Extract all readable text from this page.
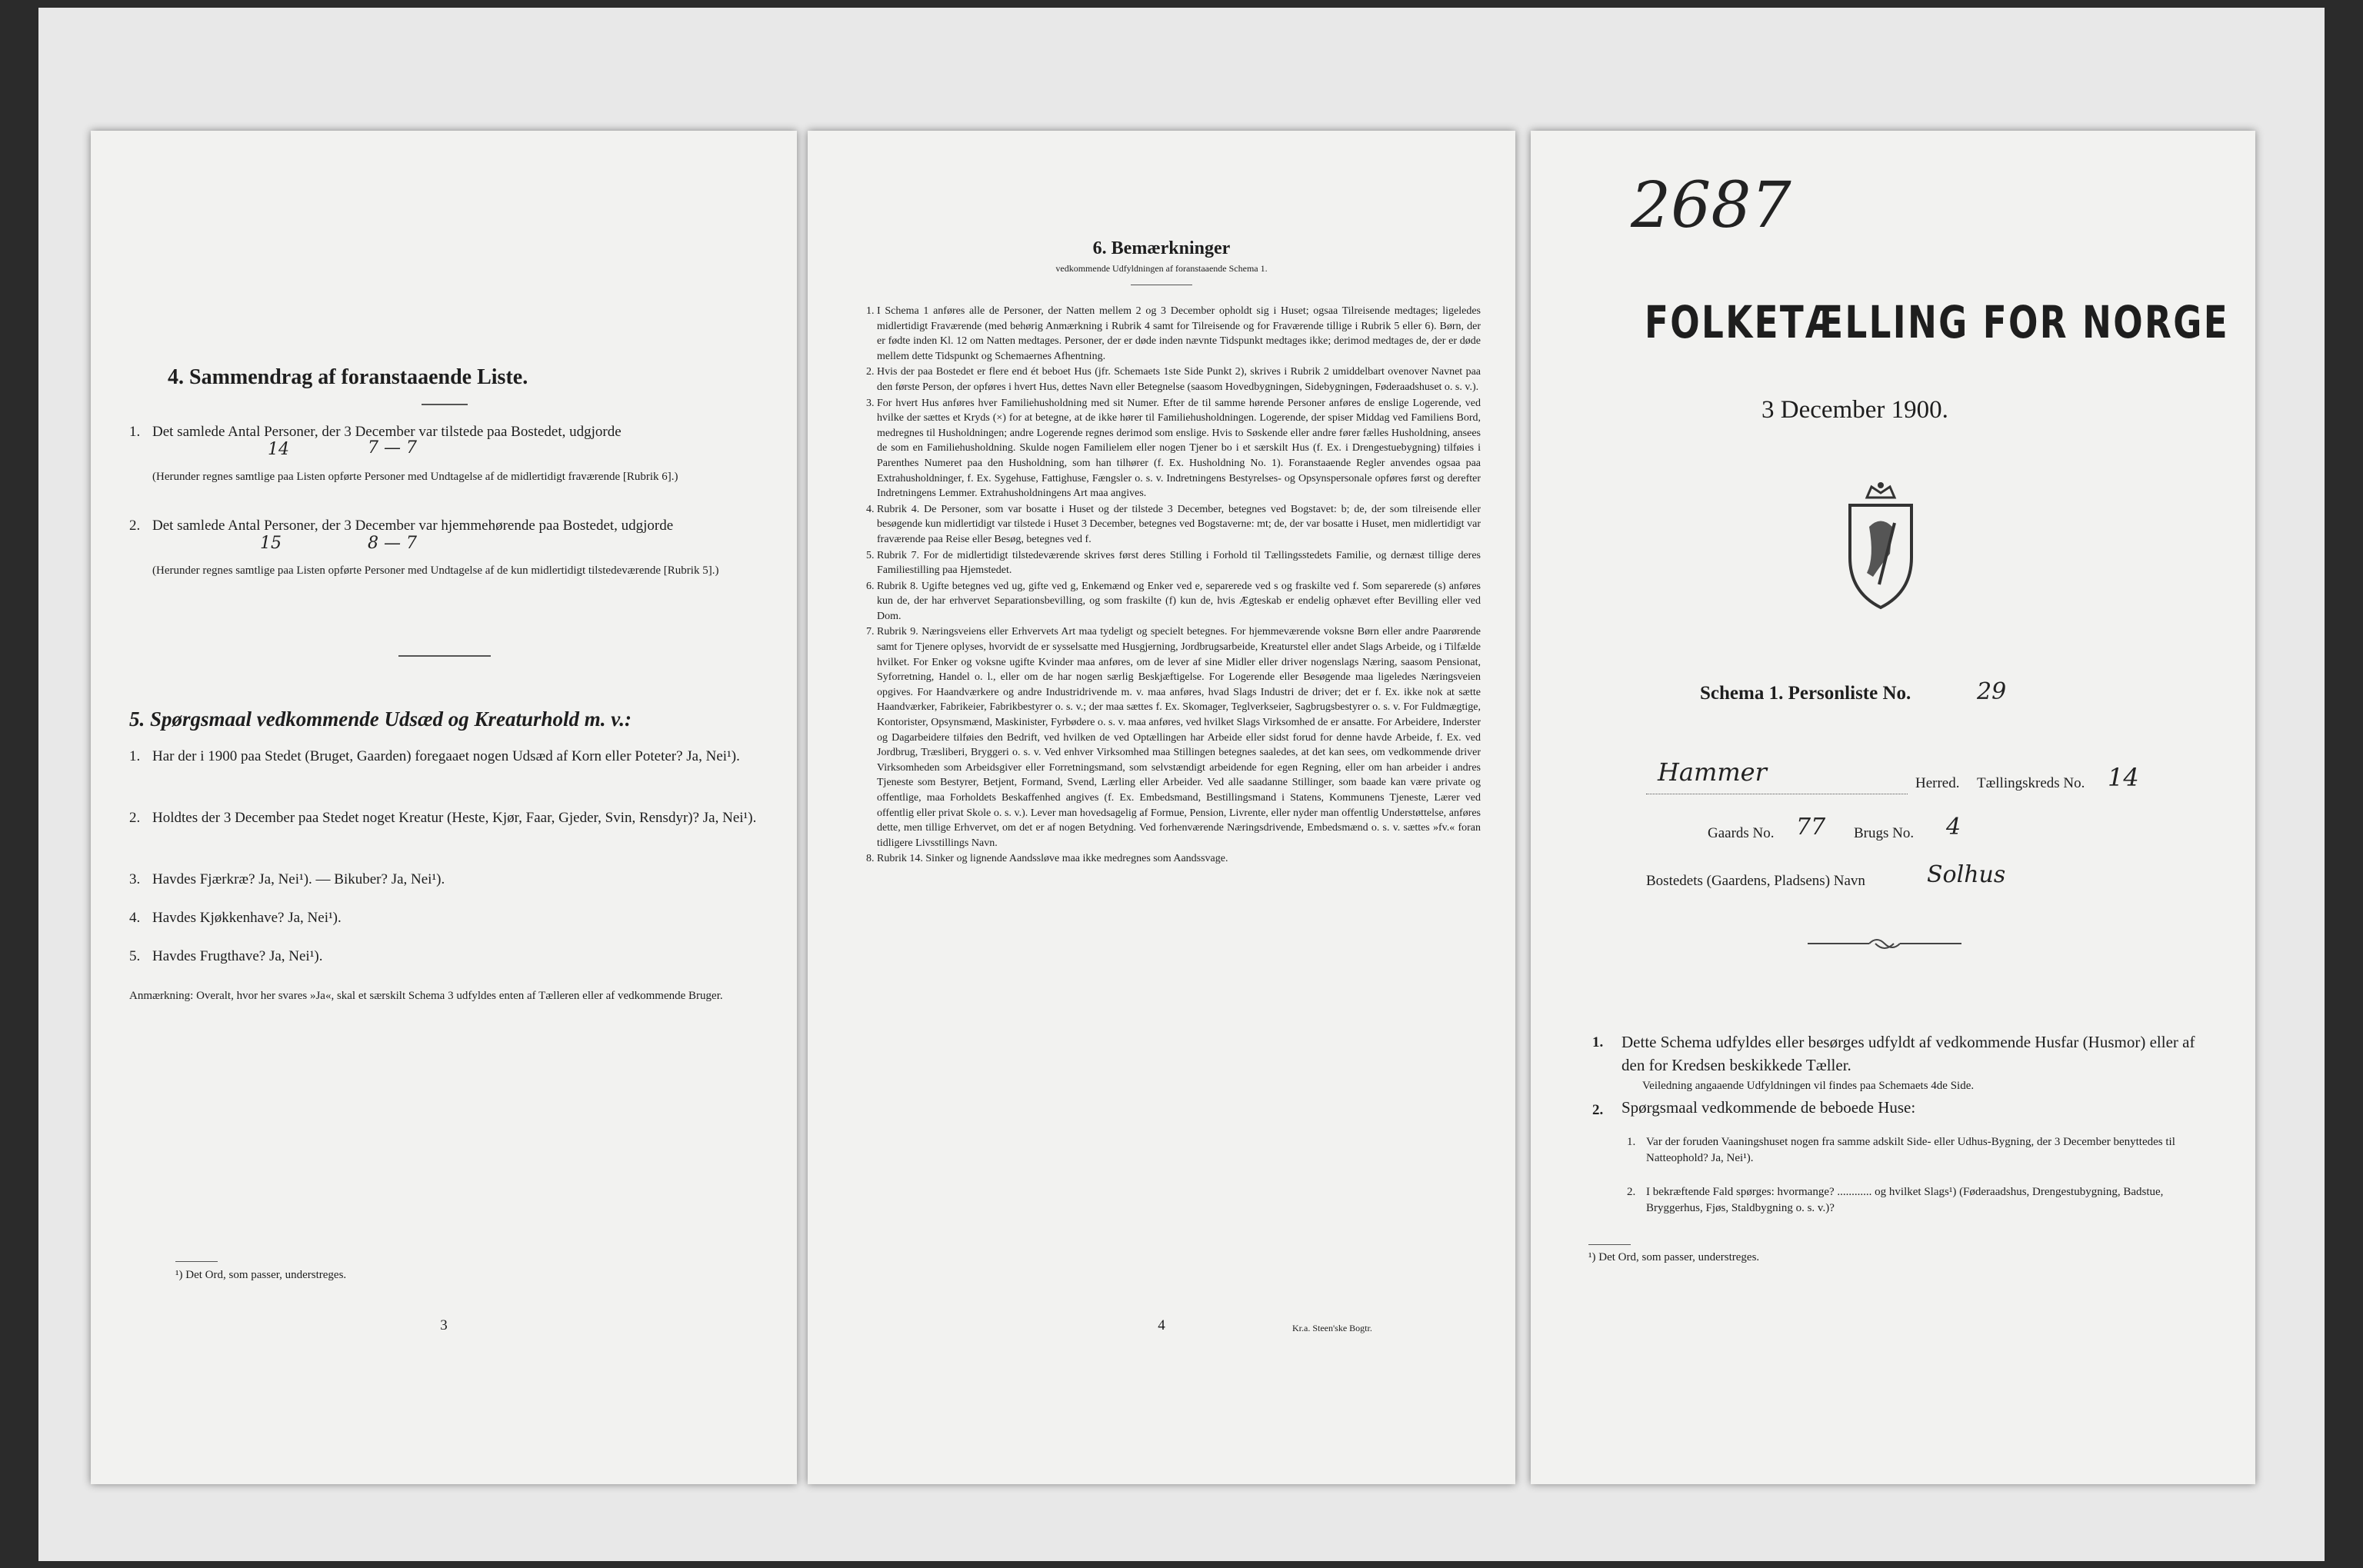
4. Sammendrag af foranstaaende Liste.
1. Det samlede Antal Personer, der 3 December var tilstede paa Bostedet, udgjorde
14	7 — 7
(Herunder regnes samtlige paa Listen opførte Personer med Undtagelse af de midlertidigt fraværende [Rubrik 6].)
2. Det samlede Antal Personer, der 3 December var hjemmehørende paa Bostedet, udgjorde
15	8 — 7
(Herunder regnes samtlige paa Listen opførte Personer med Undtagelse af de kun midlertidigt tilstedeværende [Rubrik 5].)
5. Spørgsmaal vedkommende Udsæd og Kreaturhold m. v.:
1. Har der i 1900 paa Stedet (Bruget, Gaarden) foregaaet nogen Udsæd af Korn eller Poteter? Ja, Nei¹).
2. Holdtes der 3 December paa Stedet noget Kreatur (Heste, Kjør, Faar, Gjeder, Svin, Rensdyr)? Ja, Nei¹).
3. Havdes Fjærkræ? Ja, Nei¹). — Bikuber? Ja, Nei¹).
4. Havdes Kjøkkenhave? Ja, Nei¹).
5. Havdes Frugthave? Ja, Nei¹).
Anmærkning: Overalt, hvor her svares »Ja«, skal et særskilt Schema 3 udfyldes enten af Tælleren eller af vedkommende Bruger.
¹) Det Ord, som passer, understreges.
3
6. Bemærkninger
vedkommende Udfyldningen af foranstaaende Schema 1.
1. I Schema 1 anføres alle de Personer, der Natten mellem 2 og 3 December opholdt sig i Huset; ogsaa Tilreisende medtages; ligeledes midlertidigt Fraværende (med behørig Anmærkning i Rubrik 4 samt for Tilreisende og for Fraværende tillige i Rubrik 5 eller 6). Børn, der er fødte inden Kl. 12 om Natten medtages. Personer, der er døde inden nævnte Tidspunkt medtages ikke; derimod medtages de, der er døde mellem dette Tidspunkt og Schemaernes Afhentning.
2. Hvis der paa Bostedet er flere end ét beboet Hus (jfr. Schemaets 1ste Side Punkt 2), skrives i Rubrik 2 umiddelbart ovenover Navnet paa den første Person, der opføres i hvert Hus, dettes Navn eller Betegnelse (saasom Hovedbygningen, Sidebygningen, Føderaadshuset o. s. v.).
3. For hvert Hus anføres hver Familiehusholdning med sit Numer. Efter de til samme hørende Personer anføres de enslige Logerende, ved hvilke der sættes et Kryds (×) for at betegne, at de ikke hører til Familiehusholdningen. Logerende, der spiser Middag ved Familiens Bord, medregnes til Husholdningen; andre Logerende regnes derimod som enslige. Hvis to Søskende eller andre fører fælles Husholdning, ansees de som en Familiehusholdning. Skulde nogen Familielem eller nogen Tjener bo i et særskilt Hus (f. Ex. i Drengestuebygning) tilføies i Parenthes Numeret paa den Husholdning, som han tilhører (f. Ex. Husholdning No. 1). Foranstaaende Regler anvendes ogsaa paa Extrahusholdninger, f. Ex. Sygehuse, Fattighuse, Fængsler o. s. v. Indretningens Bestyrelses- og Opsynspersonale opføres først og derefter Indretningens Lemmer. Extrahusholdningens Art maa angives.
4. Rubrik 4. De Personer, som var bosatte i Huset og der tilstede 3 December, betegnes ved Bogstavet: b; de, der som tilreisende eller besøgende kun midlertidigt var tilstede i Huset 3 December, betegnes ved Bogstaverne: mt; de, der var bosatte i Huset, men midlertidigt var fraværende paa Reise eller Besøg, betegnes ved f.
5. Rubrik 7. For de midlertidigt tilstedeværende skrives først deres Stilling i Forhold til Tællingsstedets Familie, og dernæst tillige deres Familiestilling paa Hjemstedet.
6. Rubrik 8. Ugifte betegnes ved ug, gifte ved g, Enkemænd og Enker ved e, separerede ved s og fraskilte ved f. Som separerede (s) anføres kun de, der har erhvervet Separationsbevilling, og som fraskilte (f) kun de, hvis Ægteskab er endelig ophævet efter Bevilling eller ved Dom.
7. Rubrik 9. Næringsveiens eller Erhvervets Art maa tydeligt og specielt betegnes. For hjemmeværende voksne Børn eller andre Paarørende samt for Tjenere oplyses, hvorvidt de er sysselsatte med Husgjerning, Jordbrugsarbeide, Kreaturstel eller andet Slags Arbeide, og i Tilfælde hvilket. For Enker og voksne ugifte Kvinder maa anføres, om de lever af sine Midler eller driver nogenslags Næring, saasom Pensionat, Syforretning, Handel o. l., eller om de har nogen særlig Beskjæftigelse. For Logerende eller Besøgende maa ligeledes Næringsveien opgives. For Haandværkere og andre Industridrivende m. v. maa anføres, hvad Slags Industri de driver; det er f. Ex. ikke nok at sætte Haandværker, Fabrikeier, Fabrikbestyrer o. s. v.; der maa sættes f. Ex. Skomager, Teglverkseier, Sagbrugsbestyrer o. s. v. For Fuldmægtige, Kontorister, Opsynsmænd, Maskinister, Fyrbødere o. s. v. maa anføres, ved hvilket Slags Virksomhed de er ansatte. For Arbeidere, Inderster og Dagarbeidere tilføies den Bedrift, ved hvilken de ved Optællingen har Arbeide eller sidst forud for denne havde Arbeide, f. Ex. ved Jordbrug, Træsliberi, Bryggeri o. s. v. Ved enhver Virksomhed maa Stillingen betegnes saaledes, at det kan sees, om vedkommende driver Virksomheden som Arbeidsgiver eller Forretningsmand, som selvstændigt arbeidende for egen Regning, eller om han arbeider i andres Tjeneste som Bestyrer, Betjent, Formand, Svend, Lærling eller Arbeider. Ved alle saadanne Stillinger, som baade kan være private og offentlige, maa Forholdets Beskaffenhed angives (f. Ex. Embedsmand, Bestillingsmand i Statens, Kommunens Tjeneste, Lærer ved offentlig eller privat Skole o. s. v.). Lever man hovedsagelig af Formue, Pension, Livrente, eller nyder man offentlig Understøttelse, anføres dette, men tillige Erhvervet, om det er af nogen Betydning. Ved forhenværende Næringsdrivende, Embedsmænd o. s. v. sættes »fv.« foran tidligere Livsstillings Navn.
8. Rubrik 14. Sinker og lignende Aandssløve maa ikke medregnes som Aandssvage.
4	Kr.a. Steen'ske Bogtr.
2687
FOLKETÆLLING FOR NORGE
3 December 1900.
Schema 1. Personliste No.	29
Hammer	Herred. Tællingskreds No. 14
Gaards No. 77 Brugs No. 4
Bostedets (Gaardens, Pladsens) Navn	Solhus
1.	Dette Schema udfyldes eller besørges udfyldt af vedkommende Husfar (Husmor) eller af den for Kredsen beskikkede Tæller.
Veiledning angaaende Udfyldningen vil findes paa Schemaets 4de Side.
2.	Spørgsmaal vedkommende de beboede Huse:
1. Var der foruden Vaaningshuset nogen fra samme adskilt Side- eller Udhus-Bygning, der 3 December benyttedes til Natteophold? Ja, Nei¹).
2. I bekræftende Fald spørges: hvormange? ............ og hvilket Slags¹) (Føderaadshus, Drengestubygning, Badstue, Bryggerhus, Fjøs, Staldbygning o. s. v.)?
¹) Det Ord, som passer, understreges.
